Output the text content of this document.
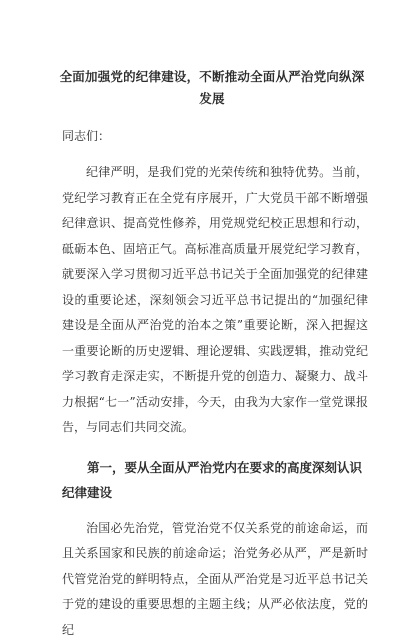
全面加强党的纪律建设，不断推动全面从严治党向纵深发展
同志们：

纪律严明，是我们党的光荣传统和独特优势。当前，党纪学习教育正在全党有序展开，广大党员干部不断增强纪律意识、提高党性修养，用党规党纪校正思想和行动，砥砺本色、固培正气。高标准高质量开展党纪学习教育，就要深入学习贯彻习近平总书记关于全面加强党的纪律建设的重要论述，深刻领会习近平总书记提出的“加强纪律建设是全面从严治党的治本之策”重要论断，深入把握这一重要论断的历史逻辑、理论逻辑、实践逻辑，推动党纪学习教育走深走实，不断提升党的创造力、凝聚力、战斗力根据“七一”活动安排，今天，由我为大家作一堂党课报告，与同志们共同交流。

第一，要从全面从严治党内在要求的高度深刻认识纪律建设

治国必先治党，管党治党不仅关系党的前途命运，而且关系国家和民族的前途命运；治党务必从严，严是新时代管党治党的鲜明特点，全面从严治党是习近平总书记关于党的建设的重要思想的主题主线；从严必依法度，党的纪
